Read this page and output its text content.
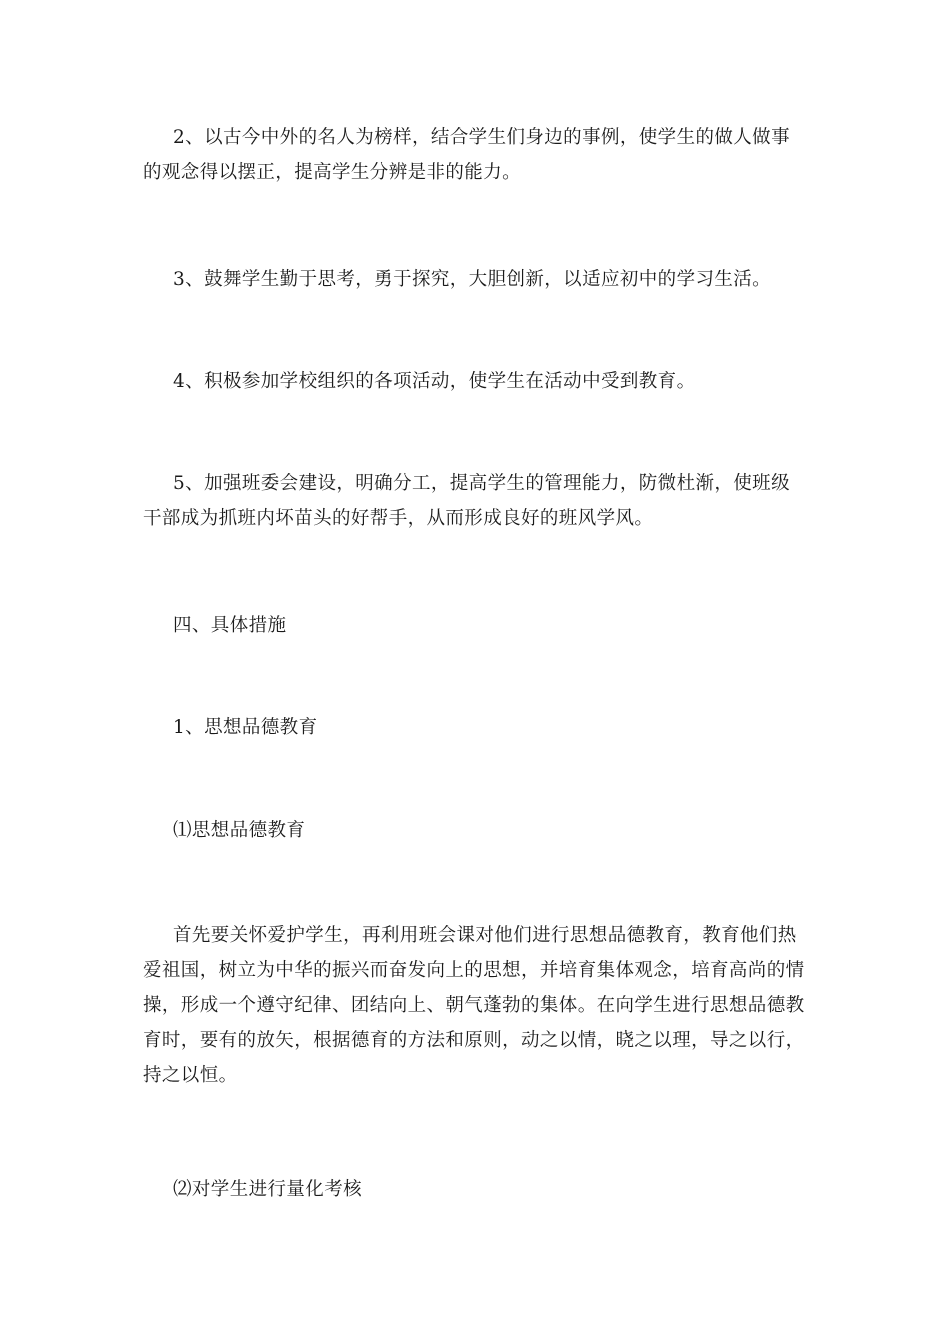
2、以古今中外的名人为榜样，结合学生们身边的事例，使学生的做人做事的观念得以摆正，提高学生分辨是非的能力。

3、鼓舞学生勤于思考，勇于探究，大胆创新，以适应初中的学习生活。

4、积极参加学校组织的各项活动，使学生在活动中受到教育。

5、加强班委会建设，明确分工，提高学生的管理能力，防微杜渐，使班级干部成为抓班内坏苗头的好帮手，从而形成良好的班风学风。

四、具体措施

1、思想品德教育

⑴思想品德教育

首先要关怀爱护学生，再利用班会课对他们进行思想品德教育，教育他们热爱祖国，树立为中华的振兴而奋发向上的思想，并培育集体观念，培育高尚的情操，形成一个遵守纪律、团结向上、朝气蓬勃的集体。在向学生进行思想品德教育时，要有的放矢，根据德育的方法和原则，动之以情，晓之以理，导之以行，持之以恒。

⑵对学生进行量化考核
